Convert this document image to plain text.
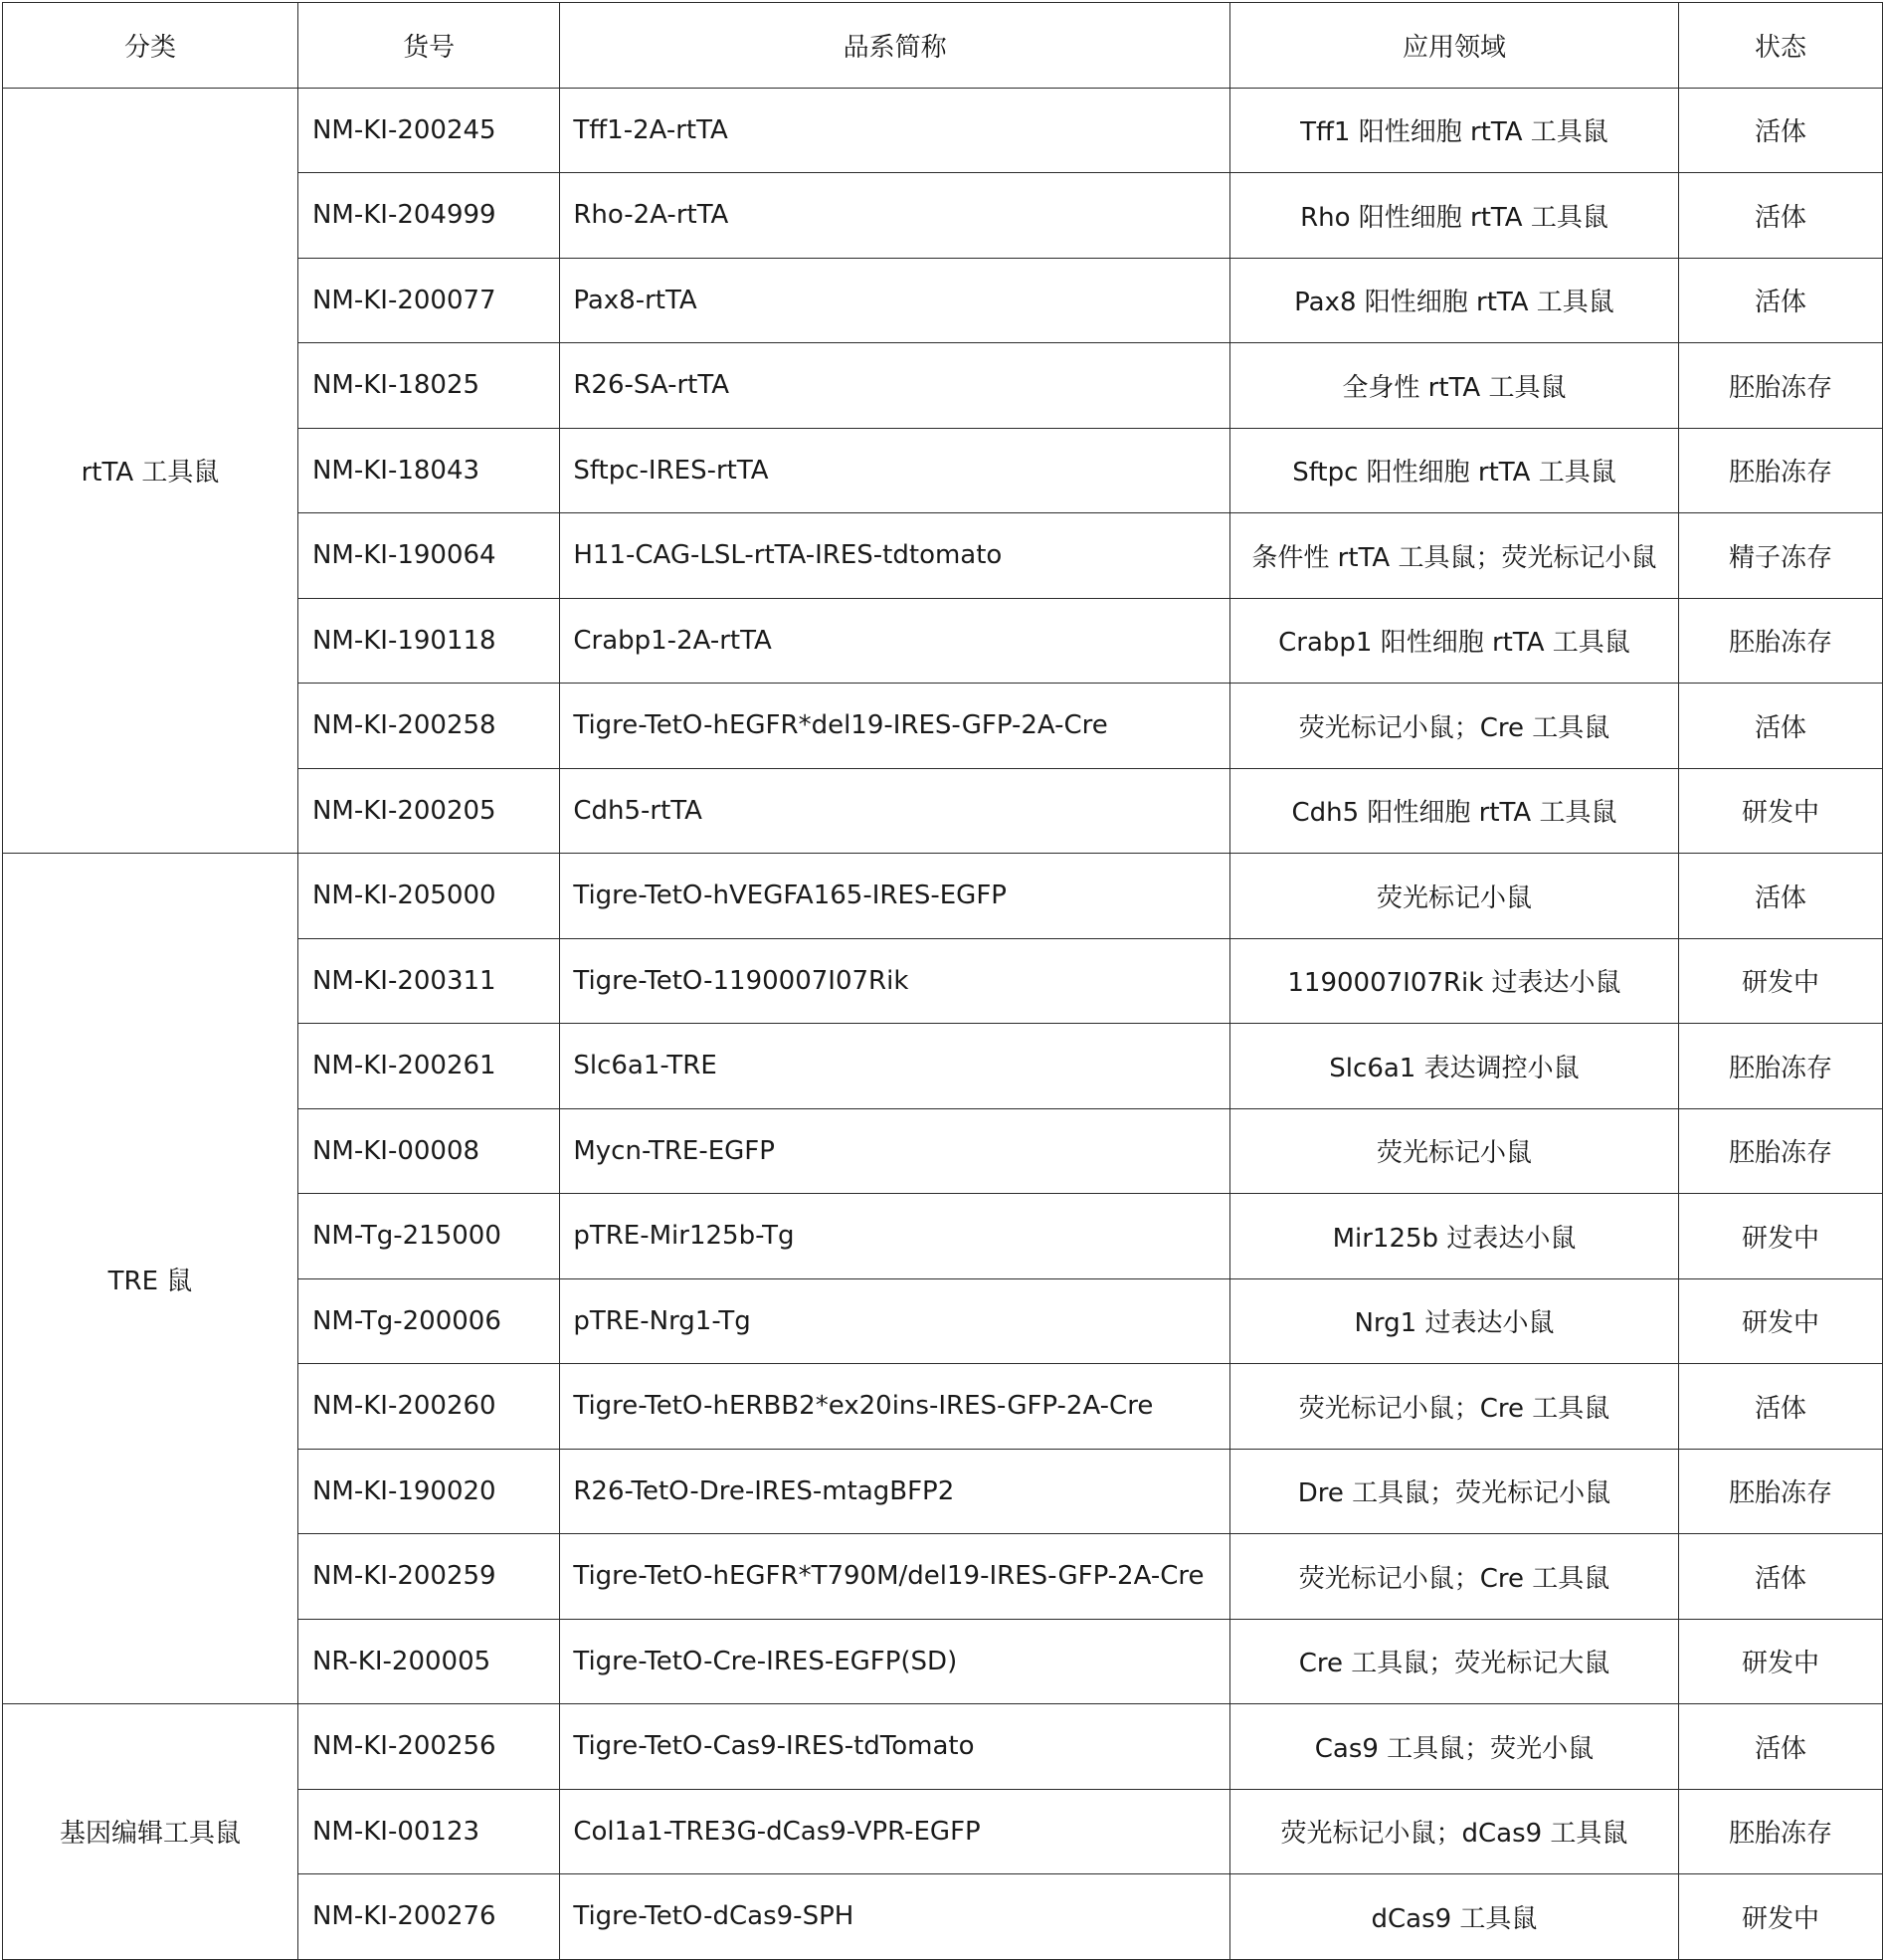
分类	货号	品系简称	应用领域	状态
rtTA 工具鼠	NM-KI-200245	Tff1-2A-rtTA	Tff1 阳性细胞 rtTA 工具鼠	活体
	NM-KI-204999	Rho-2A-rtTA	Rho 阳性细胞 rtTA 工具鼠	活体
	NM-KI-200077	Pax8-rtTA	Pax8 阳性细胞 rtTA 工具鼠	活体
	NM-KI-18025	R26-SA-rtTA	全身性 rtTA 工具鼠	胚胎冻存
	NM-KI-18043	Sftpc-IRES-rtTA	Sftpc 阳性细胞 rtTA 工具鼠	胚胎冻存
	NM-KI-190064	H11-CAG-LSL-rtTA-IRES-tdtomato	条件性 rtTA 工具鼠；荧光标记小鼠	精子冻存
	NM-KI-190118	Crabp1-2A-rtTA	Crabp1 阳性细胞 rtTA 工具鼠	胚胎冻存
	NM-KI-200258	Tigre-TetO-hEGFR*del19-IRES-GFP-2A-Cre	荧光标记小鼠；Cre 工具鼠	活体
	NM-KI-200205	Cdh5-rtTA	Cdh5 阳性细胞 rtTA 工具鼠	研发中
TRE 鼠	NM-KI-205000	Tigre-TetO-hVEGFA165-IRES-EGFP	荧光标记小鼠	活体
	NM-KI-200311	Tigre-TetO-1190007I07Rik	1190007I07Rik 过表达小鼠	研发中
	NM-KI-200261	Slc6a1-TRE	Slc6a1 表达调控小鼠	胚胎冻存
	NM-KI-00008	Mycn-TRE-EGFP	荧光标记小鼠	胚胎冻存
	NM-Tg-215000	pTRE-Mir125b-Tg	Mir125b 过表达小鼠	研发中
	NM-Tg-200006	pTRE-Nrg1-Tg	Nrg1 过表达小鼠	研发中
	NM-KI-200260	Tigre-TetO-hERBB2*ex20ins-IRES-GFP-2A-Cre	荧光标记小鼠；Cre 工具鼠	活体
	NM-KI-190020	R26-TetO-Dre-IRES-mtagBFP2	Dre 工具鼠；荧光标记小鼠	胚胎冻存
	NM-KI-200259	Tigre-TetO-hEGFR*T790M/del19-IRES-GFP-2A-Cre	荧光标记小鼠；Cre 工具鼠	活体
	NR-KI-200005	Tigre-TetO-Cre-IRES-EGFP(SD)	Cre 工具鼠；荧光标记大鼠	研发中
基因编辑工具鼠	NM-KI-200256	Tigre-TetO-Cas9-IRES-tdTomato	Cas9 工具鼠；荧光小鼠	活体
	NM-KI-00123	Col1a1-TRE3G-dCas9-VPR-EGFP	荧光标记小鼠；dCas9 工具鼠	胚胎冻存
	NM-KI-200276	Tigre-TetO-dCas9-SPH	dCas9 工具鼠	研发中
